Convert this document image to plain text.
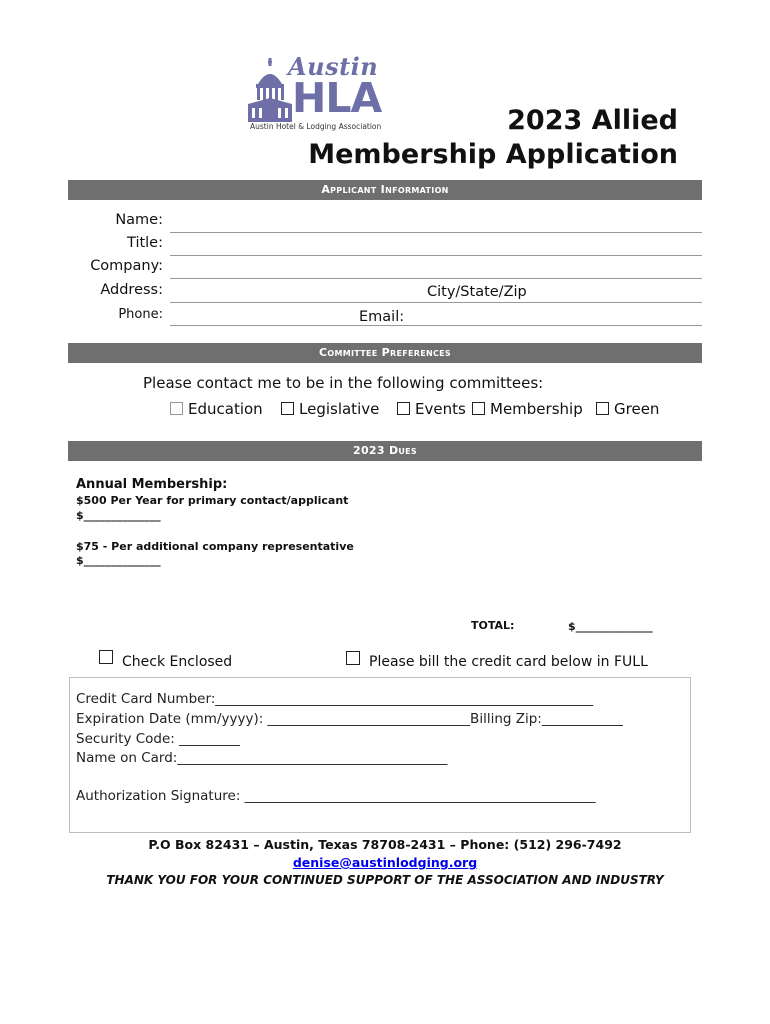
Austin
HLA
Austin Hotel & Lodging Association	2023 Allied
Membership Application
Applicant Information
Name:
Title:
Company:
Address:	City/State/Zip
Phone:	Email:
Committee Preferences
Please contact me to be in the following committees:
Education	Legislative	Events	Membership	Green
2023 Dues
Annual Membership:
$500 Per Year for primary contact/applicant
$______________
$75 - Per additional company representative
$______________
TOTAL:	$______________
Check Enclosed	Please bill the credit card below in FULL
Credit Card Number:________________________________________________________
Expiration Date (mm/yyyy): ______________________________Billing Zip:____________
Security Code: _________
Name on Card:________________________________________
Authorization Signature: ____________________________________________________
P.O Box 82431 – Austin, Texas 78708-2431 – Phone: (512) 296-7492
denise@austinlodging.org
THANK YOU FOR YOUR CONTINUED SUPPORT OF THE ASSOCIATION AND INDUSTRY
